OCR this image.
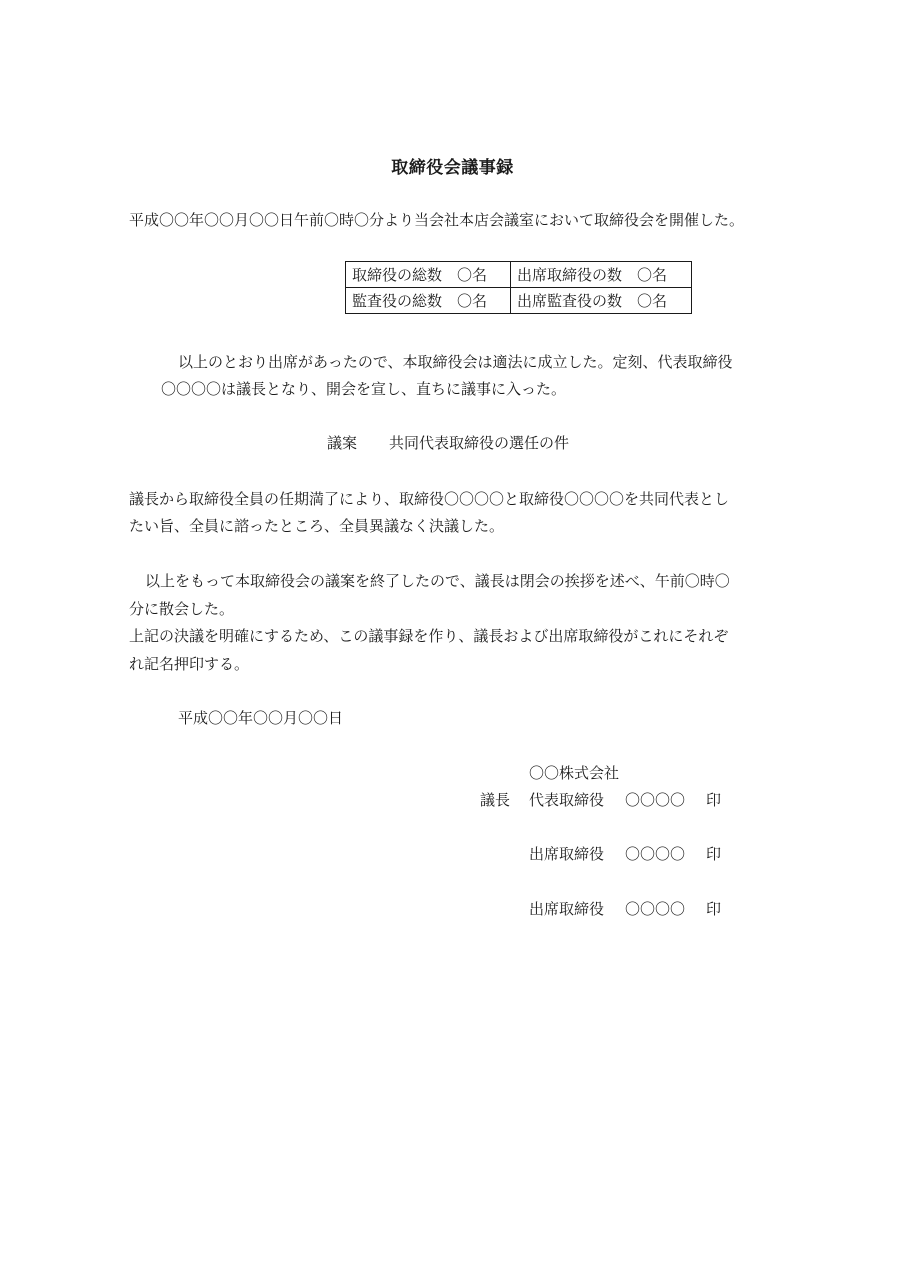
取締役会議事録
平成〇〇年〇〇月〇〇日午前〇時〇分より当会社本店会議室において取締役会を開催した。
取締役の総数　〇名	出席取締役の数　〇名
監査役の総数　〇名	出席監査役の数　〇名
以上のとおり出席があったので、本取締役会は適法に成立した。定刻、代表取締役
〇〇〇〇は議長となり、開会を宣し、直ちに議事に入った。
議案 共同代表取締役の選任の件
議長から取締役全員の任期満了により、取締役〇〇〇〇と取締役〇〇〇〇を共同代表とし
たい旨、全員に諮ったところ、全員異議なく決議した。
以上をもって本取締役会の議案を終了したので、議長は閉会の挨拶を述べ、午前〇時〇
分に散会した。
上記の決議を明確にするため、この議事録を作り、議長および出席取締役がこれにそれぞ
れ記名押印する。
平成〇〇年〇〇月〇〇日
〇〇株式会社
議長 代表取締役 〇〇〇〇 印
出席取締役 〇〇〇〇 印
出席取締役 〇〇〇〇 印
